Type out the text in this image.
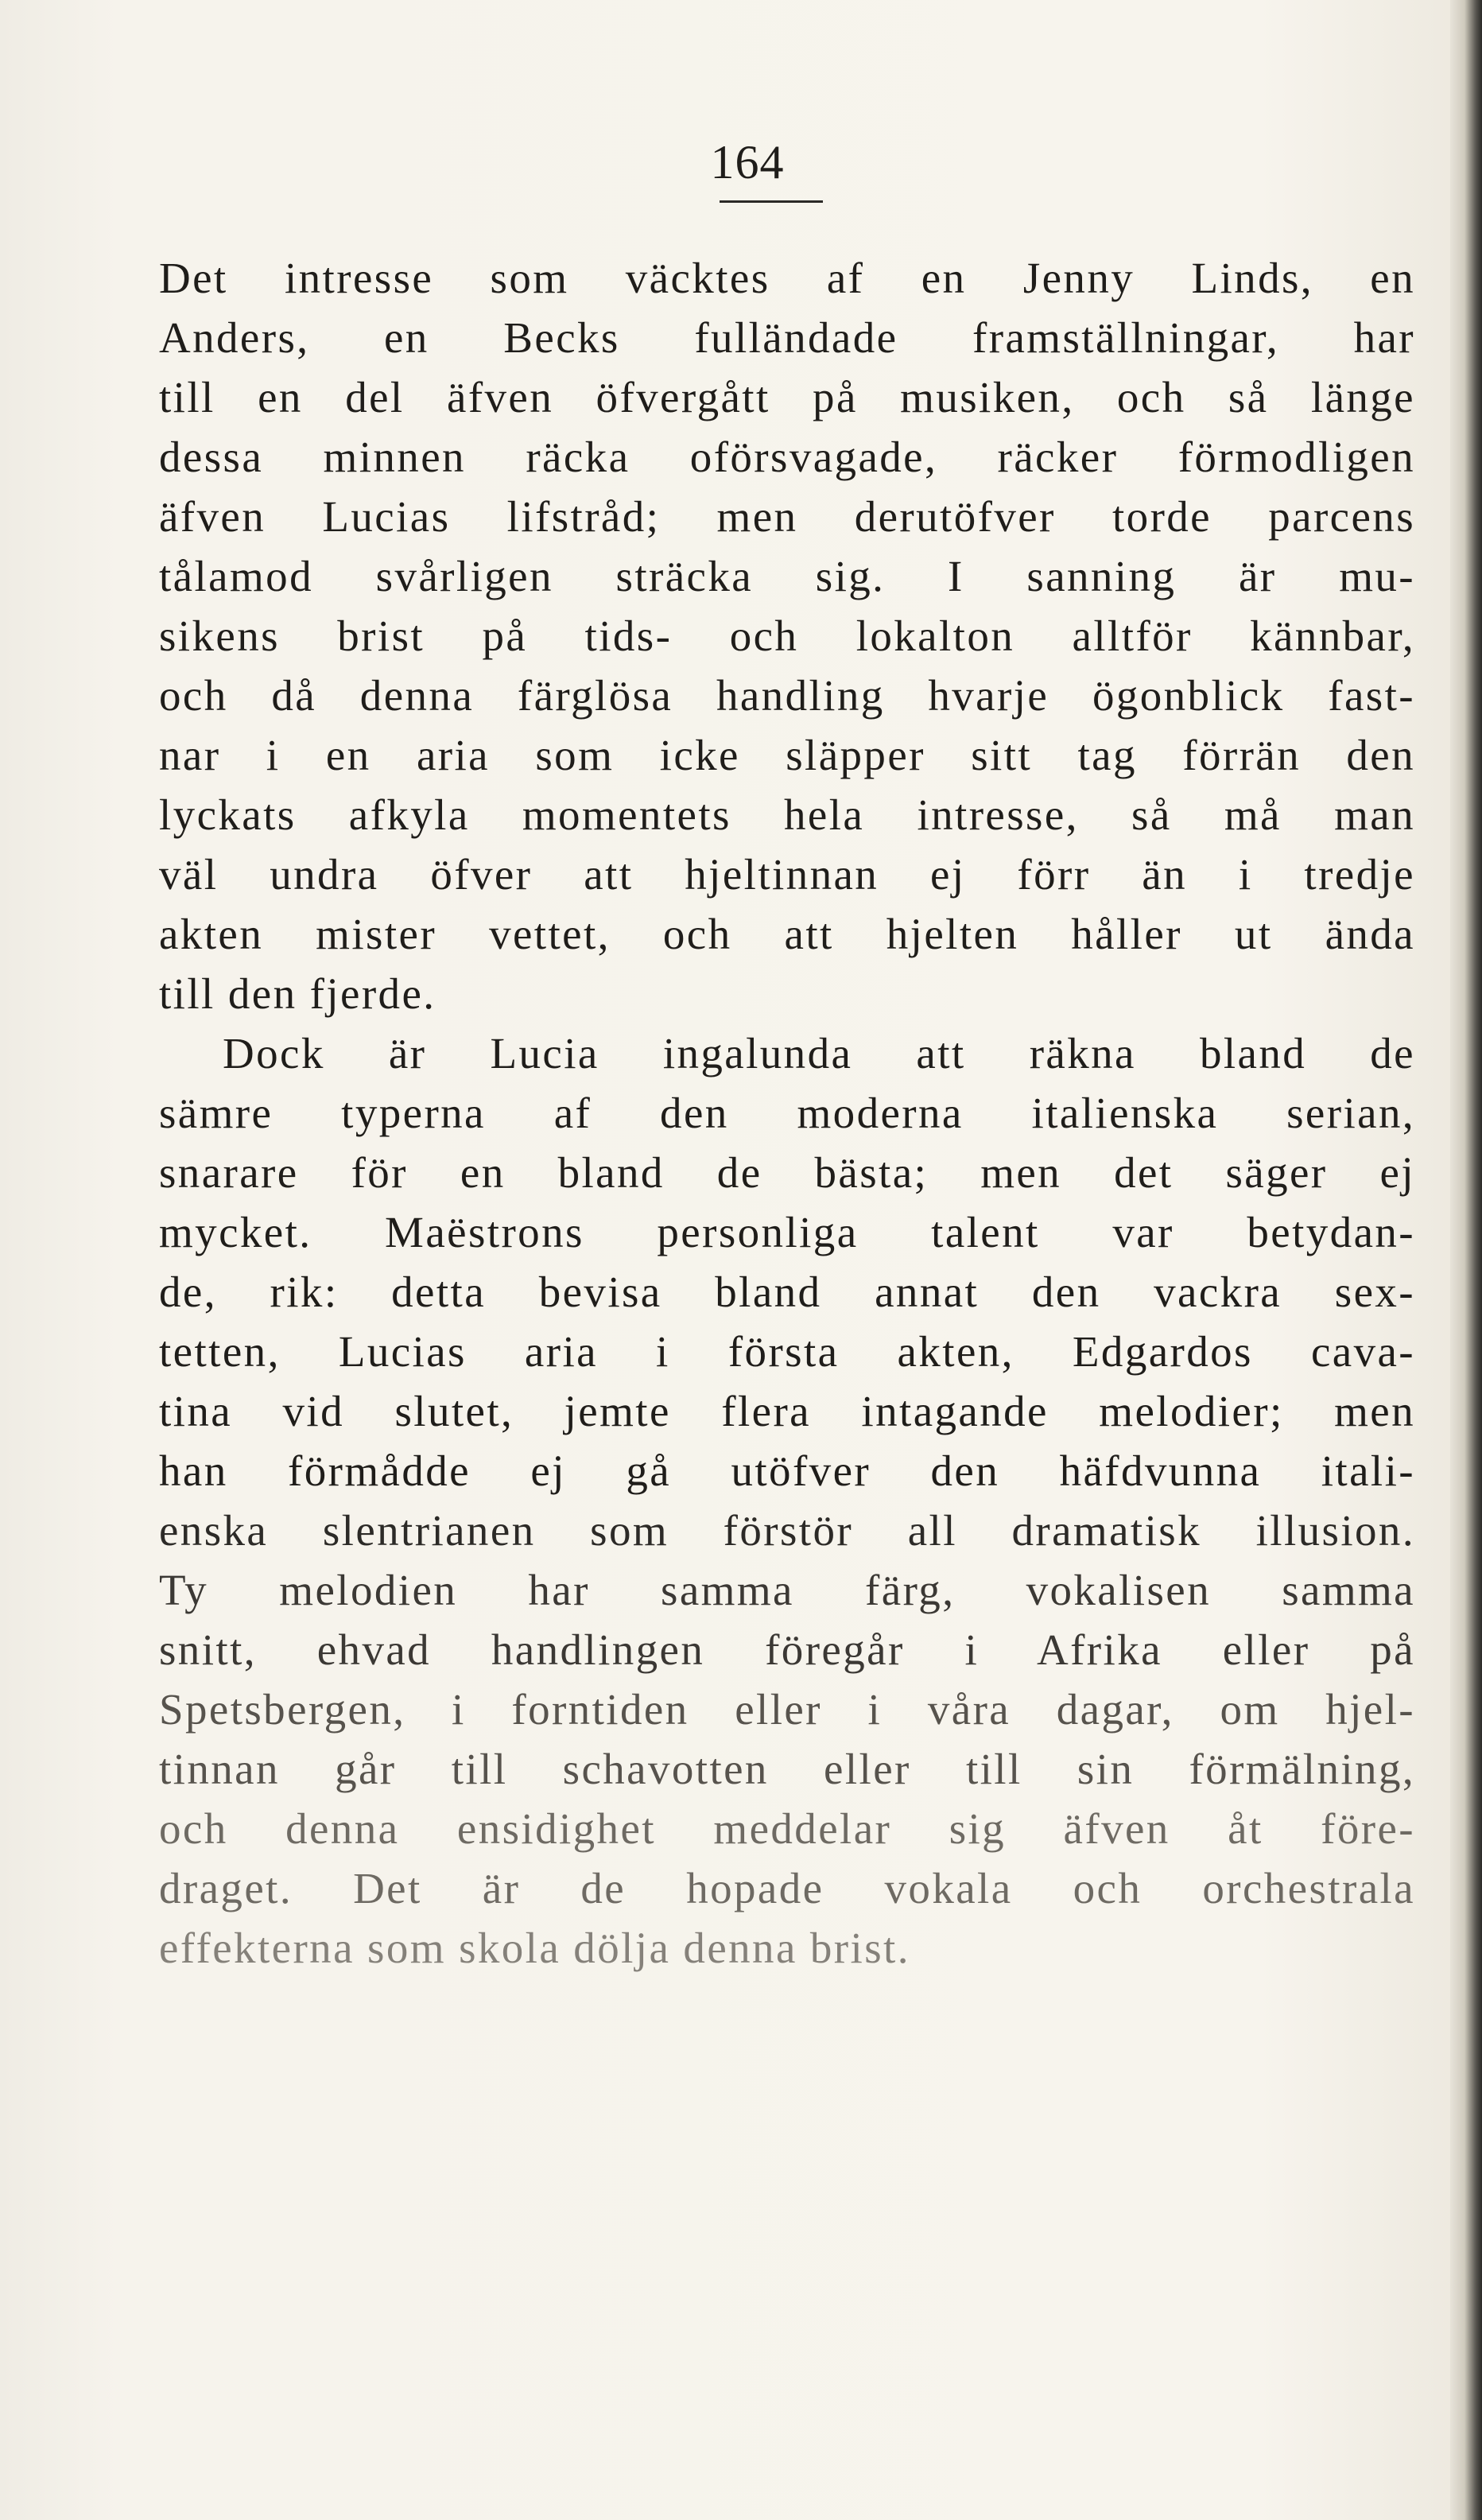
164
Det intresse som väcktes af en Jenny Linds, en
Anders, en Becks fulländade framställningar, har
till en del äfven öfvergått på musiken, och så länge
dessa minnen räcka oförsvagade, räcker förmodligen
äfven Lucias lifstråd; men derutöfver torde parcens
tålamod svårligen sträcka sig. I sanning är mu-
sikens brist på tids- och lokalton alltför kännbar,
och då denna färglösa handling hvarje ögonblick fast-
nar i en aria som icke släpper sitt tag förrän den
lyckats afkyla momentets hela intresse, så må man
väl undra öfver att hjeltinnan ej förr än i tredje
akten mister vettet, och att hjelten håller ut ända
till den fjerde.
Dock är Lucia ingalunda att räkna bland de
sämre typerna af den moderna italienska serian,
snarare för en bland de bästa; men det säger ej
mycket. Maëstrons personliga talent var betydan-
de, rik: detta bevisa bland annat den vackra sex-
tetten, Lucias aria i första akten, Edgardos cava-
tina vid slutet, jemte flera intagande melodier; men
han förmådde ej gå utöfver den häfdvunna itali-
enska slentrianen som förstör all dramatisk illusion.
Ty melodien har samma färg, vokalisen samma
snitt, ehvad handlingen föregår i Afrika eller på
Spetsbergen, i forntiden eller i våra dagar, om hjel-
tinnan går till schavotten eller till sin förmälning,
och denna ensidighet meddelar sig äfven åt före-
draget. Det är de hopade vokala och orchestrala
effekterna som skola dölja denna brist.
